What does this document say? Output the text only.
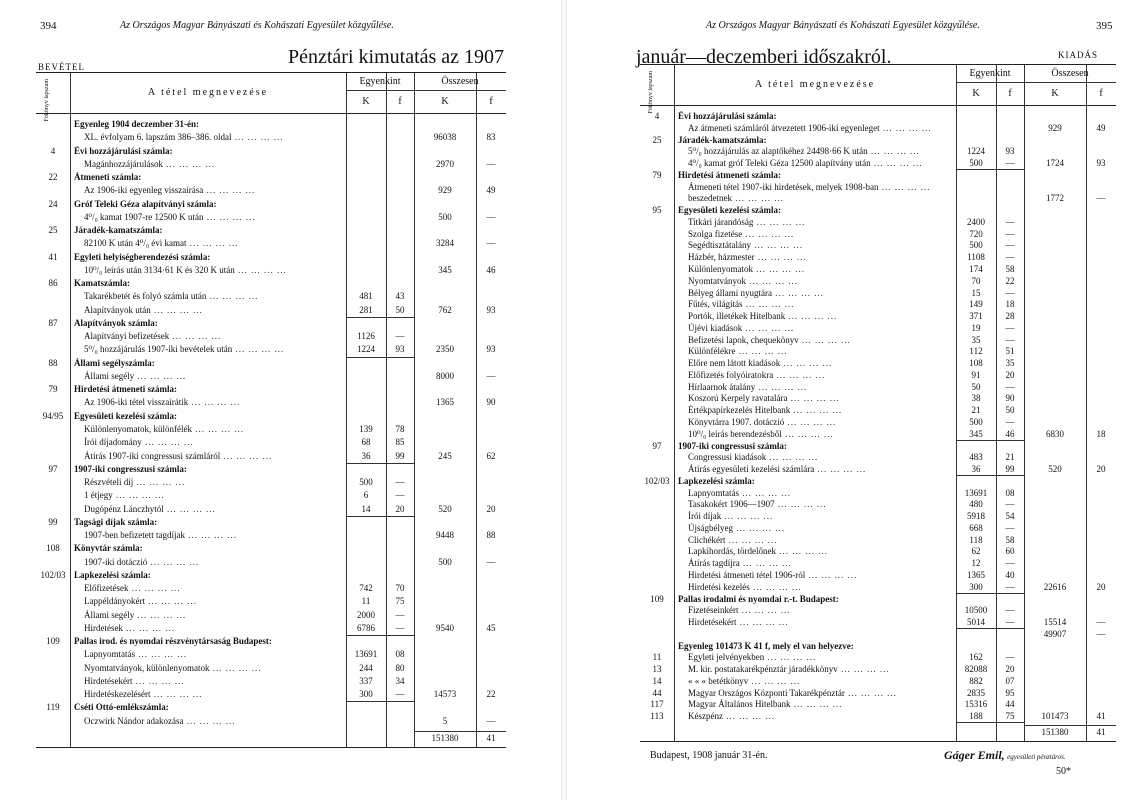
394	Az Országos Magyar Bányászati és Kohászati Egyesület közgyűlése.
BEVÉTEL	Pénztári kimutatás az 1907
Főkönyv lapszám	A tétel megnevezése
Egyenkint	Összesen
K	f	K	f
Egyenleg 1904 deczember 31-én:
XL. évfolyam 6. lapszám 386–386. oldal ... .	96038	83
4	Évi hozzájárulási számla:
Magánhozzájárulások ... .	2970	—
22	Átmeneti számla:
Az 1906-iki egyenleg visszaírása ... .	929	49
24	Gróf Teleki Géza alapítványi számla:
4⁰/₀ kamat 1907-re 12500 K után ... .	500	—
25	Járadék-kamatszámla:
82100 K után 4⁰/₀ évi kamat ... .	3284	—
41	Egyleti helyiségberendezési számla:
10⁰/₀ leírás után 3134·61 K és 320 K után ... .	345	46
86	Kamatszámla:
Takarékbetét és folyó számla után ... .	481	43
Alapítványok után ... .	281	50	762	93
87	Alapítványok számla:
Alapítványi befizetések ... .	1126	—
5⁰/₀ hozzájárulás 1907-iki bevételek után ... .	1224	93	2350	93
88	Állami segélyszámla:
Állami segély ... .	8000	—
79	Hirdetési átmeneti számla:
Az 1906-iki tétel visszaírátik ... .	1365	90
94/95	Egyesületi kezelési számla:
Különlenyomatok, különfélék ... .	139	78
Írói díjadomány ... .	68	85
Átírás 1907-iki congressusi számláról ... .	36	99	245	62
97	1907-iki congresszusi számla:
Részvételi díj ... .	500	—
1 étjegy ... .	6	—
Dugópénz Lánczhytól ... .	14	20	520	20
99	Tagsági díjak számla:
1907-ben befizetett tagdíjak ... .	9448	88
108	Könyvtár számla:
1907-iki dotáczió ... .	500	—
102/03 Lapkezelési számla:
Előfizetések ... .	742	70
Lappéldányokért ... .	11	75
Állami segély ... .	2000	—
Hirdetések ... .	6786	—	9540	45
109	Pallas irod. és nyomdai részvénytársaság Budapest:
Lapnyomtatás ... .	13691	08
Nyomtatványok, különlenyomatok ... .	244	80
Hirdetésekért ... .	337	34
Hirdetéskezelésért ... .	300	—	14573	22
119	Cséti Ottó-emlékszámla:
Oczwirk Nándor adakozása ... .	5	—
151380	41
Az Országos Magyar Bányászati és Kohászati Egyesület közgyűlése.	395
január—deczemberi időszakról.	KIADÁS
Főkönyv lapszám	A tétel megnevezése
Egyenkint	Összesen
K	f	K	f
4	Évi hozzájárulási számla:
Az átmeneti számláról átvezetett 1906-iki egyenleget ... .	929	49
25	Járadék-kamatszámla:
5⁰/₀ hozzájárulás az alaptőkéhez 24498·66 K után ... .	1224	93
4⁰/₀ kamat gróf Teleki Géza 12500 alapítvány után ... .	500	—	1724	93
79	Hirdetési átmeneti számla:
Átmeneti tétel 1907-iki hirdetések, melyek 1908-ban ... .
beszedetnek ... .	1772	—
95	Egyesületi kezelési számla:
Titkári járandóság ... .	2400	—
Szolga fizetése ... .	720	—
Segédtisztátalány ... .	500	—
Házbér, házmester ... .	1108	—
Különlenyomatok ... .	174	58
Nyomtatványok ... .	70	22
Bélyeg állami nyugtára ... .	15	—
Fűtés, világítás ... .	149	18
Portók, illetékek Hitelbank ... .	371	28
Újévi kiadások ... .	19	—
Befizetési lapok, chequekönyv ... .	35	—
Különfélékre ... .	112	51
Előre nem látott kiadások ... .	108	35
Előfizetés folyóiratokra ... .	91	20
Hírlaarnok átalány ... .	50	—
Koszorú Kerpely ravatalára ... .	38	90
Értékpapírkezelés Hitelbank ... .	21	50
Könyvtárra 1907. dotáczió ... .	500	—
10⁰/₀ leírás berendezésből ... .	345	46	6830	18
97	1907-iki congressusi számla:
Congressusi kiadások ... .	483	21
Átírás egyesületi kezelési számlára ... .	36	99	520	20
102/03 Lapkezelési számla:
Lapnyomtatás ... .	13691	08
Tasakokért 1906—1907 ... .	480	—
Írói díjak ... .	5918	54
Újságbélyeg ... .	668	—
Clichékért ... .	118	58
Lapkihordás, tördelőnek ... .	62	60
Átírás tagdíjra ... .	12	—
Hirdetési átmeneti tétel 1906-ról ... .	1365	40
Hirdetési kezelés ... .	300	—	22616	20
109	Pallas irodalmi és nyomdai r.-t. Budapest:
Fizetéseinkért ... .	10500	—
Hirdetésekért ... .	5014	—	15514	—
49907	—
Egyenleg 101473 K 41 f, mely el van helyezve:
11	Egyleti jelvényekben ... .	162	—
13	M. kir. postatakarékpénztár járadékkönyv ... .	82088	20
14	« « « betétkönyv ... .	882	07
44	Magyar Országos Központi Takarékpénztár ... .	2835	95
117	Magyar Általános Hitelbank ... .	15316	44
113	Készpénz ... .	188	75	101473	41
151380	41
Budapest, 1908 január 31-én.	Gáger Emil, egyesületi pénztáros.
50*
